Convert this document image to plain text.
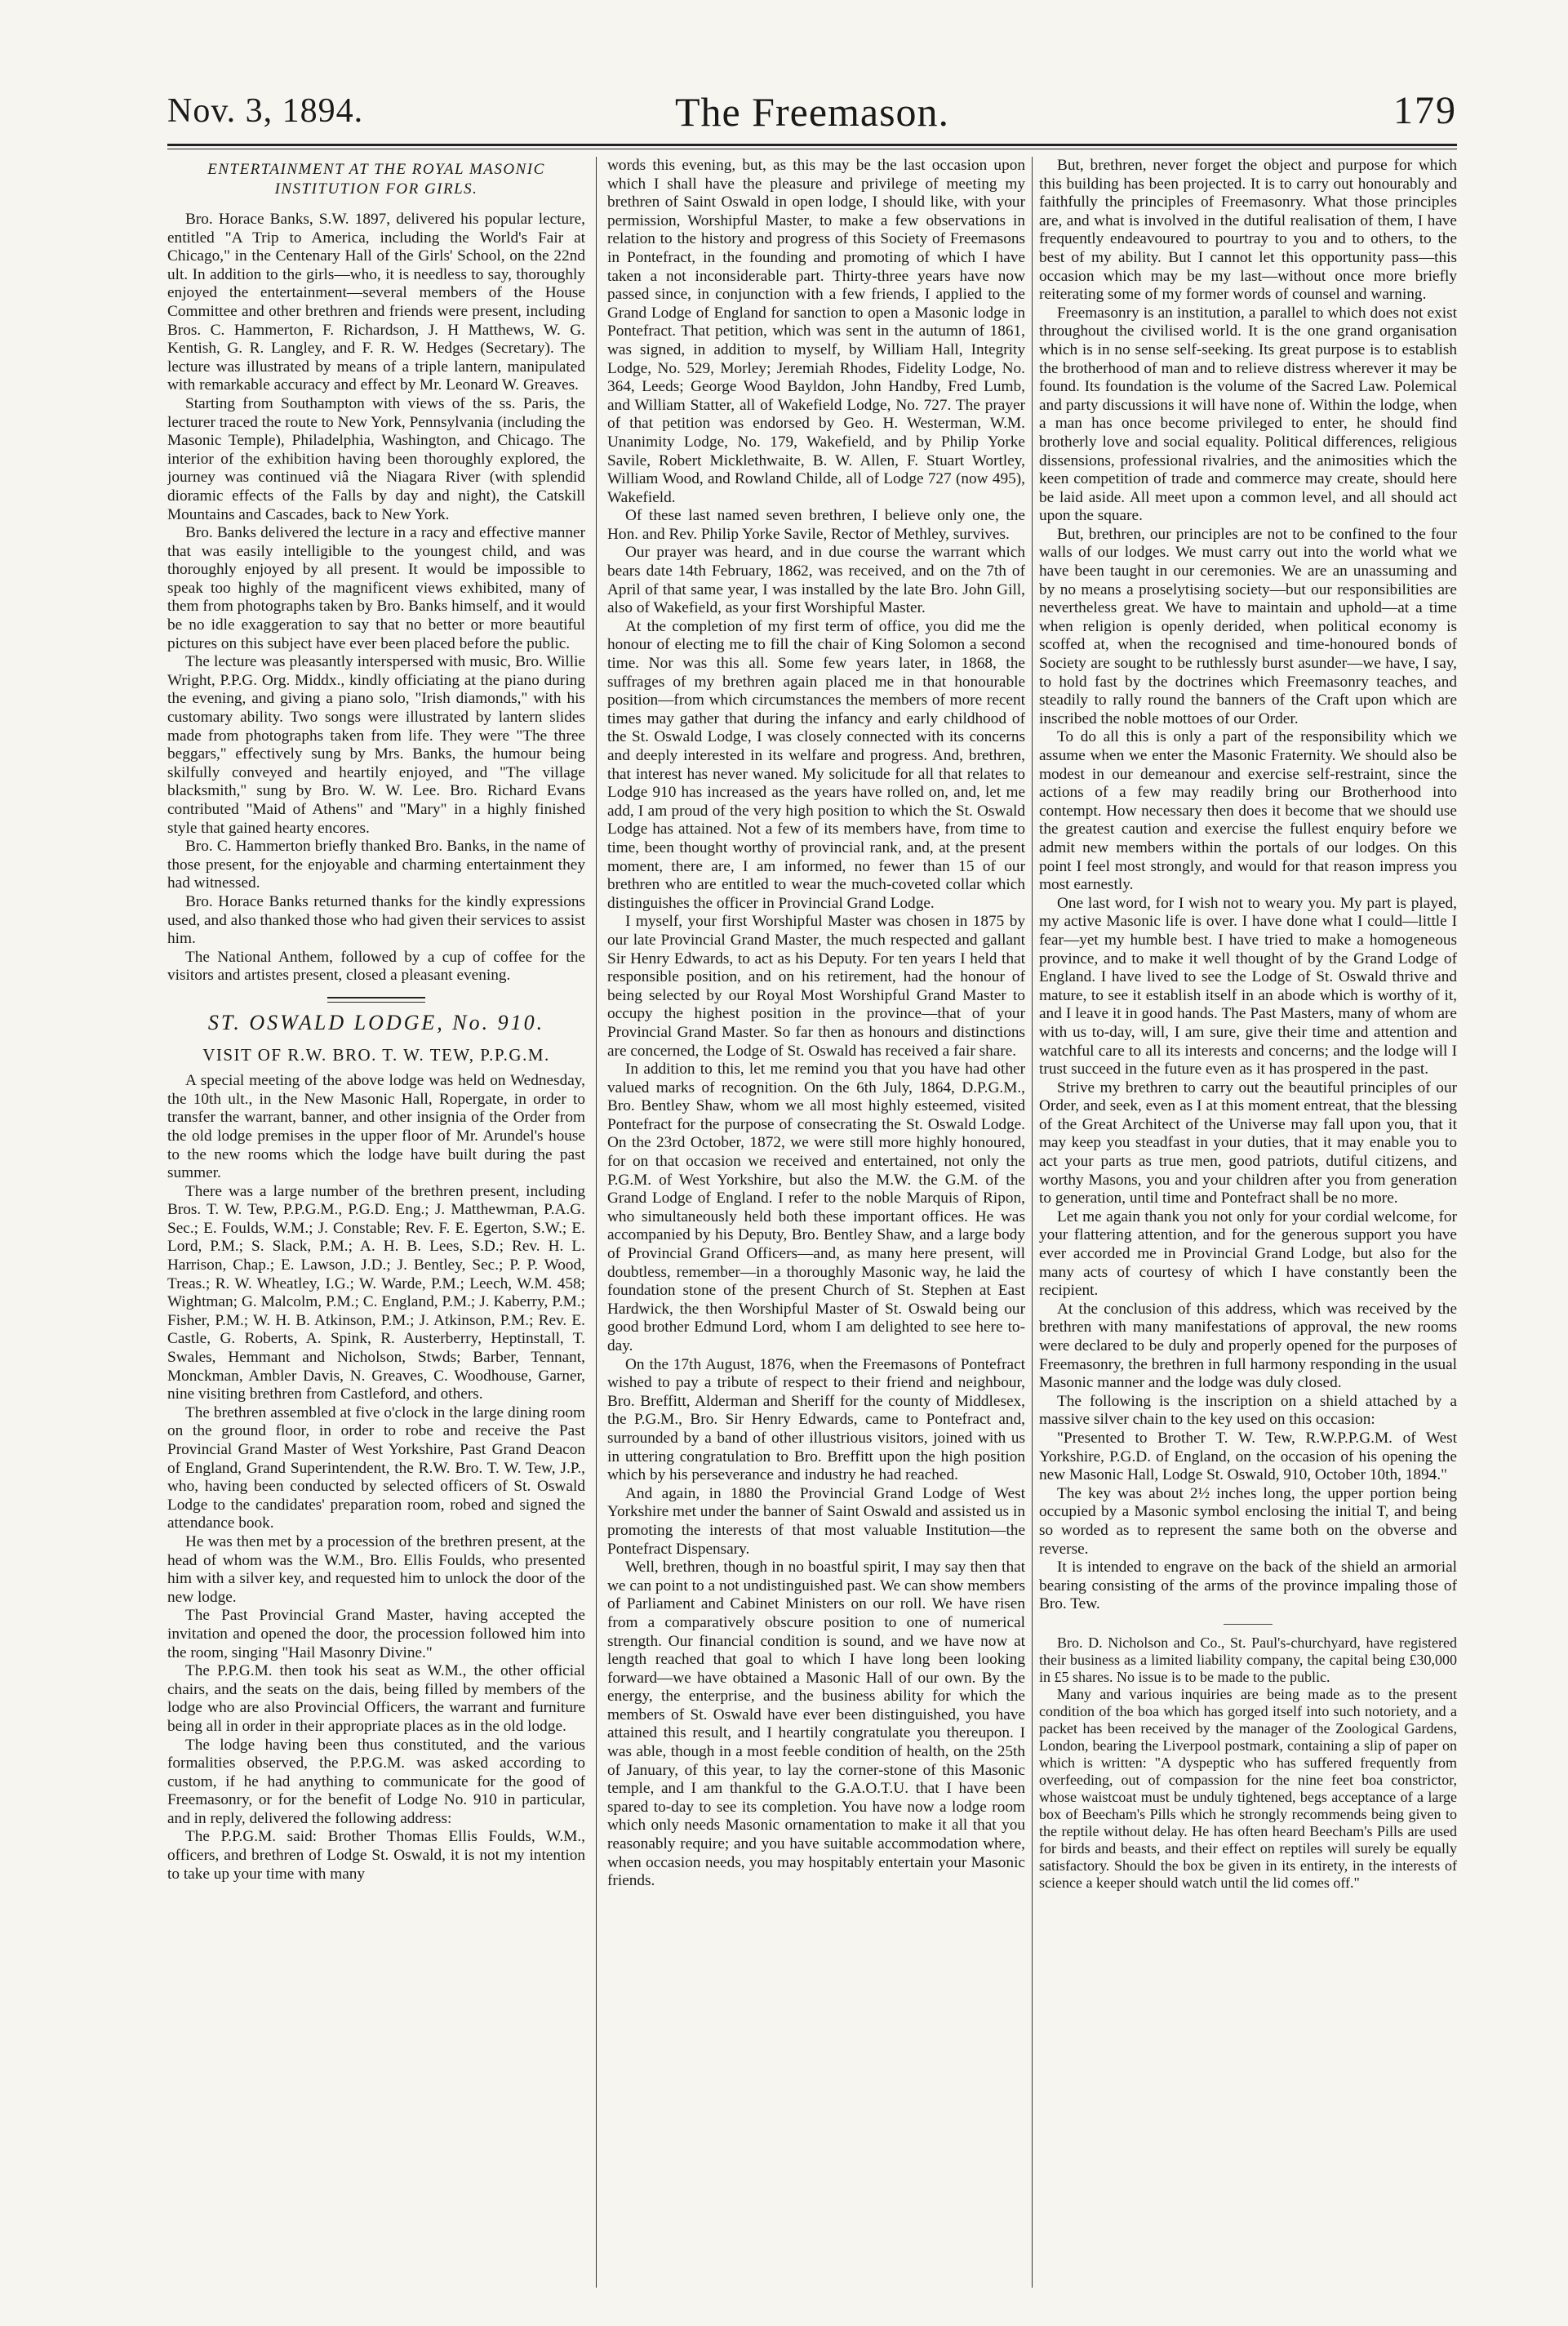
Nov. 3, 1894.	The Freemason.	179
ENTERTAINMENT AT THE ROYAL MASONIC INSTITUTION FOR GIRLS.

Bro. Horace Banks, S.W. 1897, delivered his popular lecture, entitled "A Trip to America, including the World's Fair at Chicago," in the Centenary Hall of the Girls' School, on the 22nd ult. In addition to the girls—who, it is needless to say, thoroughly enjoyed the entertainment—several members of the House Committee and other brethren and friends were present, including Bros. C. Hammerton, F. Richardson, J. H Matthews, W. G. Kentish, G. R. Langley, and F. R. W. Hedges (Secretary). The lecture was illustrated by means of a triple lantern, manipulated with remarkable accuracy and effect by Mr. Leonard W. Greaves.

Starting from Southampton with views of the ss. Paris, the lecturer traced the route to New York, Pennsylvania (including the Masonic Temple), Philadelphia, Washington, and Chicago. The interior of the exhibition having been thoroughly explored, the journey was continued viâ the Niagara River (with splendid dioramic effects of the Falls by day and night), the Catskill Mountains and Cascades, back to New York.

Bro. Banks delivered the lecture in a racy and effective manner that was easily intelligible to the youngest child, and was thoroughly enjoyed by all present. It would be impossible to speak too highly of the magnificent views exhibited, many of them from photographs taken by Bro. Banks himself, and it would be no idle exaggeration to say that no better or more beautiful pictures on this subject have ever been placed before the public.

The lecture was pleasantly interspersed with music, Bro. Willie Wright, P.P.G. Org. Middx., kindly officiating at the piano during the evening, and giving a piano solo, "Irish diamonds," with his customary ability. Two songs were illustrated by lantern slides made from photographs taken from life. They were "The three beggars," effectively sung by Mrs. Banks, the humour being skilfully conveyed and heartily enjoyed, and "The village blacksmith," sung by Bro. W. W. Lee. Bro. Richard Evans contributed "Maid of Athens" and "Mary" in a highly finished style that gained hearty encores.

Bro. C. Hammerton briefly thanked Bro. Banks, in the name of those present, for the enjoyable and charming entertainment they had witnessed.

Bro. Horace Banks returned thanks for the kindly expressions used, and also thanked those who had given their services to assist him.

The National Anthem, followed by a cup of coffee for the visitors and artistes present, closed a pleasant evening.

ST. OSWALD LODGE, No. 910.
VISIT OF R.W. BRO. T. W. TEW, P.P.G.M.

A special meeting of the above lodge was held on Wednesday, the 10th ult., in the New Masonic Hall, Ropergate, in order to transfer the warrant, banner, and other insignia of the Order from the old lodge premises in the upper floor of Mr. Arundel's house to the new rooms which the lodge have built during the past summer.

There was a large number of the brethren present, including Bros. T. W. Tew, P.P.G.M., P.G.D. Eng.; J. Matthewman, P.A.G. Sec.; E. Foulds, W.M.; J. Constable; Rev. F. E. Egerton, S.W.; E. Lord, P.M.; S. Slack, P.M.; A. H. B. Lees, S.D.; Rev. H. L. Harrison, Chap.; E. Lawson, J.D.; J. Bentley, Sec.; P. P. Wood, Treas.; R. W. Wheatley, I.G.; W. Warde, P.M.; Leech, W.M. 458; Wightman; G. Malcolm, P.M.; C. England, P.M.; J. Kaberry, P.M.; Fisher, P.M.; W. H. B. Atkinson, P.M.; J. Atkinson, P.M.; Rev. E. Castle, G. Roberts, A. Spink, R. Austerberry, Heptinstall, T. Swales, Hemmant and Nicholson, Stwds; Barber, Tennant, Monckman, Ambler Davis, N. Greaves, C. Woodhouse, Garner, nine visiting brethren from Castleford, and others.

The brethren assembled at five o'clock in the large dining room on the ground floor, in order to robe and receive the Past Provincial Grand Master of West Yorkshire, Past Grand Deacon of England, Grand Superintendent, the R.W. Bro. T. W. Tew, J.P., who, having been conducted by selected officers of St. Oswald Lodge to the candidates' preparation room, robed and signed the attendance book.

He was then met by a procession of the brethren present, at the head of whom was the W.M., Bro. Ellis Foulds, who presented him with a silver key, and requested him to unlock the door of the new lodge.

The Past Provincial Grand Master, having accepted the invitation and opened the door, the procession followed him into the room, singing "Hail Masonry Divine."

The P.P.G.M. then took his seat as W.M., the other official chairs, and the seats on the dais, being filled by members of the lodge who are also Provincial Officers, the warrant and furniture being all in order in their appropriate places as in the old lodge.

The lodge having been thus constituted, and the various formalities observed, the P.P.G.M. was asked according to custom, if he had anything to communicate for the good of Freemasonry, or for the benefit of Lodge No. 910 in particular, and in reply, delivered the following address:

The P.P.G.M. said: Brother Thomas Ellis Foulds, W.M., officers, and brethren of Lodge St. Oswald, it is not my intention to take up your time with many

words this evening, but, as this may be the last occasion upon which I shall have the pleasure and privilege of meeting my brethren of Saint Oswald in open lodge, I should like, with your permission, Worshipful Master, to make a few observations in relation to the history and progress of this Society of Freemasons in Pontefract, in the founding and promoting of which I have taken a not inconsiderable part. Thirty-three years have now passed since, in conjunction with a few friends, I applied to the Grand Lodge of England for sanction to open a Masonic lodge in Pontefract. That petition, which was sent in the autumn of 1861, was signed, in addition to myself, by William Hall, Integrity Lodge, No. 529, Morley; Jeremiah Rhodes, Fidelity Lodge, No. 364, Leeds; George Wood Bayldon, John Handby, Fred Lumb, and William Statter, all of Wakefield Lodge, No. 727. The prayer of that petition was endorsed by Geo. H. Westerman, W.M. Unanimity Lodge, No. 179, Wakefield, and by Philip Yorke Savile, Robert Micklethwaite, B. W. Allen, F. Stuart Wortley, William Wood, and Rowland Childe, all of Lodge 727 (now 495), Wakefield.

Of these last named seven brethren, I believe only one, the Hon. and Rev. Philip Yorke Savile, Rector of Methley, survives.

Our prayer was heard, and in due course the warrant which bears date 14th February, 1862, was received, and on the 7th of April of that same year, I was installed by the late Bro. John Gill, also of Wakefield, as your first Worshipful Master.

At the completion of my first term of office, you did me the honour of electing me to fill the chair of King Solomon a second time. Nor was this all. Some few years later, in 1868, the suffrages of my brethren again placed me in that honourable position—from which circumstances the members of more recent times may gather that during the infancy and early childhood of the St. Oswald Lodge, I was closely connected with its concerns and deeply interested in its welfare and progress. And, brethren, that interest has never waned. My solicitude for all that relates to Lodge 910 has increased as the years have rolled on, and, let me add, I am proud of the very high position to which the St. Oswald Lodge has attained. Not a few of its members have, from time to time, been thought worthy of provincial rank, and, at the present moment, there are, I am informed, no fewer than 15 of our brethren who are entitled to wear the much-coveted collar which distinguishes the officer in Provincial Grand Lodge.

I myself, your first Worshipful Master was chosen in 1875 by our late Provincial Grand Master, the much respected and gallant Sir Henry Edwards, to act as his Deputy. For ten years I held that responsible position, and on his retirement, had the honour of being selected by our Royal Most Worshipful Grand Master to occupy the highest position in the province—that of your Provincial Grand Master. So far then as honours and distinctions are concerned, the Lodge of St. Oswald has received a fair share.

In addition to this, let me remind you that you have had other valued marks of recognition. On the 6th July, 1864, D.P.G.M., Bro. Bentley Shaw, whom we all most highly esteemed, visited Pontefract for the purpose of consecrating the St. Oswald Lodge. On the 23rd October, 1872, we were still more highly honoured, for on that occasion we received and entertained, not only the P.G.M. of West Yorkshire, but also the M.W. the G.M. of the Grand Lodge of England. I refer to the noble Marquis of Ripon, who simultaneously held both these important offices. He was accompanied by his Deputy, Bro. Bentley Shaw, and a large body of Provincial Grand Officers—and, as many here present, will doubtless, remember—in a thoroughly Masonic way, he laid the foundation stone of the present Church of St. Stephen at East Hardwick, the then Worshipful Master of St. Oswald being our good brother Edmund Lord, whom I am delighted to see here to-day.

On the 17th August, 1876, when the Freemasons of Pontefract wished to pay a tribute of respect to their friend and neighbour, Bro. Breffitt, Alderman and Sheriff for the county of Middlesex, the P.G.M., Bro. Sir Henry Edwards, came to Pontefract and, surrounded by a band of other illustrious visitors, joined with us in uttering congratulation to Bro. Breffitt upon the high position which by his perseverance and industry he had reached.

And again, in 1880 the Provincial Grand Lodge of West Yorkshire met under the banner of Saint Oswald and assisted us in promoting the interests of that most valuable Institution—the Pontefract Dispensary.

Well, brethren, though in no boastful spirit, I may say then that we can point to a not undistinguished past. We can show members of Parliament and Cabinet Ministers on our roll. We have risen from a comparatively obscure position to one of numerical strength. Our financial condition is sound, and we have now at length reached that goal to which I have long been looking forward—we have obtained a Masonic Hall of our own. By the energy, the enterprise, and the business ability for which the members of St. Oswald have ever been distinguished, you have attained this result, and I heartily congratulate you thereupon. I was able, though in a most feeble condition of health, on the 25th of January, of this year, to lay the corner-stone of this Masonic temple, and I am thankful to the G.A.O.T.U. that I have been spared to-day to see its completion. You have now a lodge room which only needs Masonic ornamentation to make it all that you reasonably require; and you have suitable accommodation where, when occasion needs, you may hospitably entertain your Masonic friends.

But, brethren, never forget the object and purpose for which this building has been projected. It is to carry out honourably and faithfully the principles of Freemasonry. What those principles are, and what is involved in the dutiful realisation of them, I have frequently endeavoured to pourtray to you and to others, to the best of my ability. But I cannot let this opportunity pass—this occasion which may be my last—without once more briefly reiterating some of my former words of counsel and warning.

Freemasonry is an institution, a parallel to which does not exist throughout the civilised world. It is the one grand organisation which is in no sense self-seeking. Its great purpose is to establish the brotherhood of man and to relieve distress wherever it may be found. Its foundation is the volume of the Sacred Law. Polemical and party discussions it will have none of. Within the lodge, when a man has once become privileged to enter, he should find brotherly love and social equality. Political differences, religious dissensions, professional rivalries, and the animosities which the keen competition of trade and commerce may create, should here be laid aside. All meet upon a common level, and all should act upon the square.

But, brethren, our principles are not to be confined to the four walls of our lodges. We must carry out into the world what we have been taught in our ceremonies. We are an unassuming and by no means a proselytising society—but our responsibilities are nevertheless great. We have to maintain and uphold—at a time when religion is openly derided, when political economy is scoffed at, when the recognised and time-honoured bonds of Society are sought to be ruthlessly burst asunder—we have, I say, to hold fast by the doctrines which Freemasonry teaches, and steadily to rally round the banners of the Craft upon which are inscribed the noble mottoes of our Order.

To do all this is only a part of the responsibility which we assume when we enter the Masonic Fraternity. We should also be modest in our demeanour and exercise self-restraint, since the actions of a few may readily bring our Brotherhood into contempt. How necessary then does it become that we should use the greatest caution and exercise the fullest enquiry before we admit new members within the portals of our lodges. On this point I feel most strongly, and would for that reason impress you most earnestly.

One last word, for I wish not to weary you. My part is played, my active Masonic life is over. I have done what I could—little I fear—yet my humble best. I have tried to make a homogeneous province, and to make it well thought of by the Grand Lodge of England. I have lived to see the Lodge of St. Oswald thrive and mature, to see it establish itself in an abode which is worthy of it, and I leave it in good hands. The Past Masters, many of whom are with us to-day, will, I am sure, give their time and attention and watchful care to all its interests and concerns; and the lodge will I trust succeed in the future even as it has prospered in the past.

Strive my brethren to carry out the beautiful principles of our Order, and seek, even as I at this moment entreat, that the blessing of the Great Architect of the Universe may fall upon you, that it may keep you steadfast in your duties, that it may enable you to act your parts as true men, good patriots, dutiful citizens, and worthy Masons, you and your children after you from generation to generation, until time and Pontefract shall be no more.

Let me again thank you not only for your cordial welcome, for your flattering attention, and for the generous support you have ever accorded me in Provincial Grand Lodge, but also for the many acts of courtesy of which I have constantly been the recipient.

At the conclusion of this address, which was received by the brethren with many manifestations of approval, the new rooms were declared to be duly and properly opened for the purposes of Freemasonry, the brethren in full harmony responding in the usual Masonic manner and the lodge was duly closed.

The following is the inscription on a shield attached by a massive silver chain to the key used on this occasion:

"Presented to Brother T. W. Tew, R.W.P.P.G.M. of West Yorkshire, P.G.D. of England, on the occasion of his opening the new Masonic Hall, Lodge St. Oswald, 910, October 10th, 1894."

The key was about 2½ inches long, the upper portion being occupied by a Masonic symbol enclosing the initial T, and being so worded as to represent the same both on the obverse and reverse.

It is intended to engrave on the back of the shield an armorial bearing consisting of the arms of the province impaling those of Bro. Tew.

Bro. D. Nicholson and Co., St. Paul's-churchyard, have registered their business as a limited liability company, the capital being £30,000 in £5 shares. No issue is to be made to the public.

Many and various inquiries are being made as to the present condition of the boa which has gorged itself into such notoriety, and a packet has been received by the manager of the Zoological Gardens, London, bearing the Liverpool postmark, containing a slip of paper on which is written: "A dyspeptic who has suffered frequently from overfeeding, out of compassion for the nine feet boa constrictor, whose waistcoat must be unduly tightened, begs acceptance of a large box of Beecham's Pills which he strongly recommends being given to the reptile without delay. He has often heard Beecham's Pills are used for birds and beasts, and their effect on reptiles will surely be equally satisfactory. Should the box be given in its entirety, in the interests of science a keeper should watch until the lid comes off."
